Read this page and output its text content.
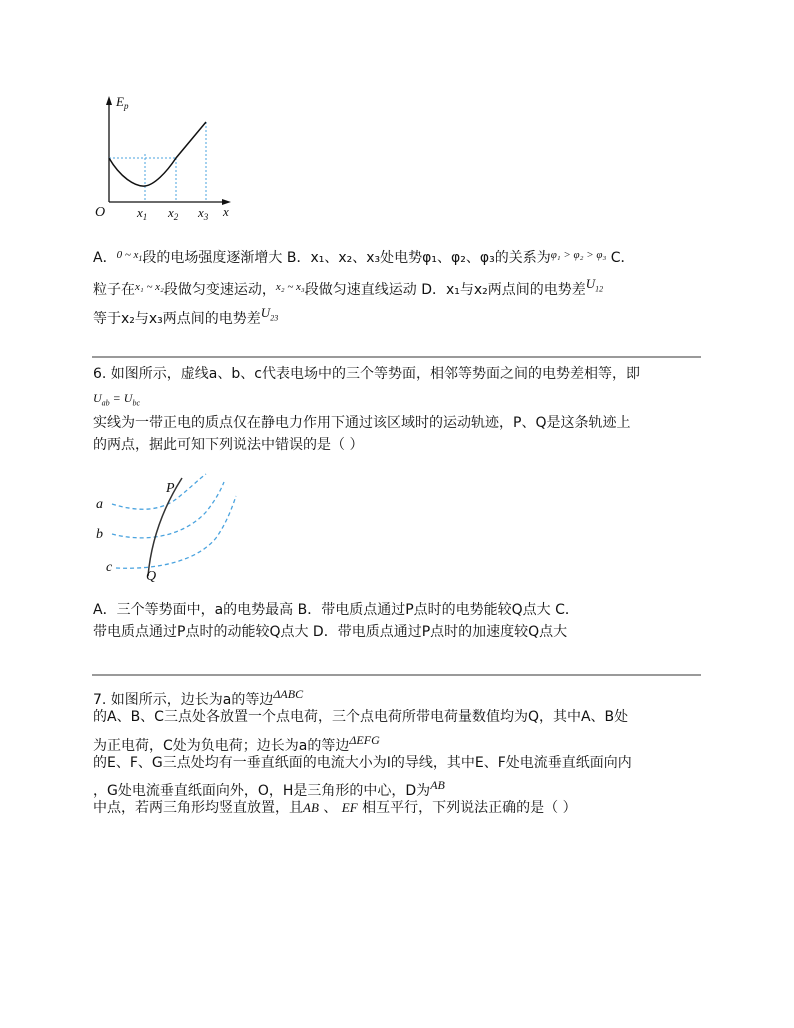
$E_p$
O $x_1$ $x_2$ $x_3$ x
A．$^{0 \sim x_1}$段的电场强度逐渐增大 B．x₁、x₂、x₃处电势φ₁、φ₂、φ₃的关系为$^{\varphi_1 > \varphi_2 > \varphi_3}$ C．
粒子在$^{x_1 \sim x_2}$段做匀变速运动，$^{x_2 \sim x_3}$段做匀速直线运动 D．x₁与x₂两点间的电势差$U_{12}$
等于x₂与x₃两点间的电势差$U_{23}$
6. 如图所示，虚线a、b、c代表电场中的三个等势面，相邻等势面之间的电势差相等，即
$U_{ab} = U_{bc}$
实线为一带正电的质点仅在静电力作用下通过该区域时的运动轨迹，P、Q是这条轨迹上
的两点，据此可知下列说法中错误的是（ ）
a
b
c
P
Q
A．三个等势面中，a的电势最高 B．带电质点通过P点时的电势能较Q点大 C．
带电质点通过P点时的动能较Q点大 D．带电质点通过P点时的加速度较Q点大
7. 如图所示，边长为a的等边ΔABC
的A、B、C三点处各放置一个点电荷，三个点电荷所带电荷量数值均为Q，其中A、B处
为正电荷，C处为负电荷；边长为a的等边ΔEFG
的E、F、G三点处均有一垂直纸面的电流大小为I的导线，其中E、F处电流垂直纸面向内
，G处电流垂直纸面向外，O，H是三角形的中心，D为AB
中点，若两三角形均竖直放置，且AB 、 EF 相互平行，下列说法正确的是（ ）
